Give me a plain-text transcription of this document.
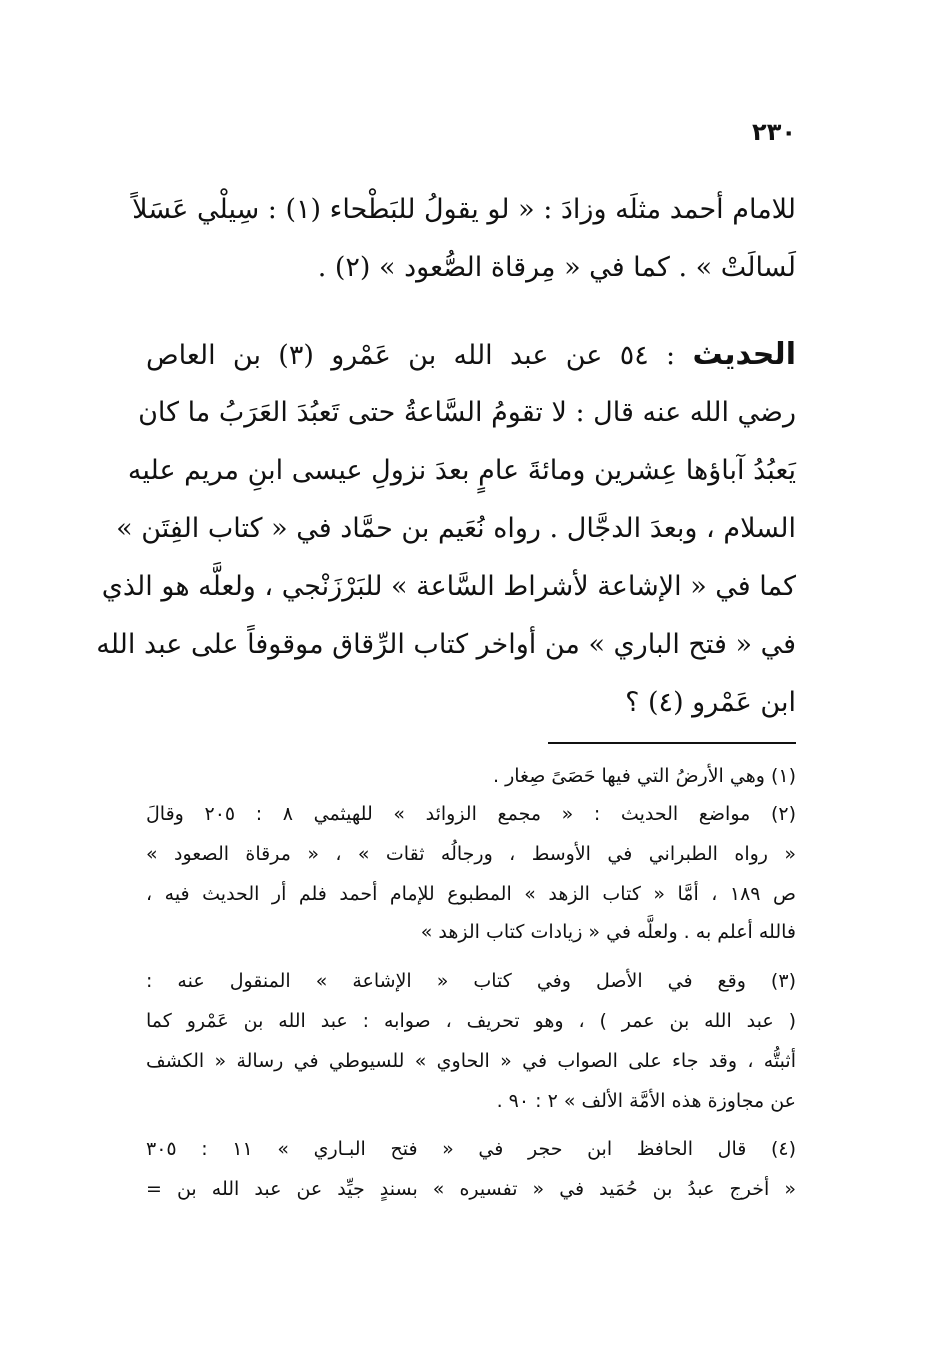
٢٣٠
للامام أحمد مثلَه وزادَ : « لو يقولُ للبَطْحاء (١) : سِيلْي عَسَلاً
لَسالَتْ » . كما في « مِرقاة الصُّعود » (٢) .
الحديث : ٥٤ عن عبد الله بن عَمْرو (٣) بن العاص
رضي الله عنه قال : لا تقومُ السَّاعةُ حتى تَعبُدَ العَرَبُ ما كان
يَعبُدُ آباؤها عِشرين ومائةَ عامٍ بعدَ نزولِ عيسى ابنِ مريم عليه
السلام ، وبعدَ الدجَّال . رواه نُعَيم بن حمَّاد في « كتاب الفِتَن »
كما في « الإشاعة لأشراط السَّاعة » للبَرْزَنْجي ، ولعلَّه هو الذي
في « فتح الباري » من أواخر كتاب الرِّقاق موقوفاً على عبد الله
ابن عَمْرو (٤) ؟
(١) وهي الأرضُ التي فيها حَصَىً صِغار .
(٢) مواضع الحديث : « مجمع الزوائد » للهيثمي ٨ : ٢٠٥ وقالَ
« رواه الطبراني في الأوسط ، ورجالُه ثقات » ، « مرقاة الصعود »
ص ١٨٩ ، أمَّا « كتاب الزهد » المطبوع للإمام أحمد فلم أر الحديث فيه ،
فالله أعلم به . ولعلَّه في « زيادات كتاب الزهد »
(٣) وقع في الأصل وفي كتاب « الإشاعة » المنقول عنه :
( عبد الله بن عمر ) ، وهو تحريف ، صوابه : عبد الله بن عَمْرو كما
أثبتُّه ، وقد جاء على الصواب في « الحاوي » للسيوطي في رسالة « الكشف
عن مجاوزة هذه الأمَّة الألف » ٢ : ٩٠ .
(٤) قال الحافظ ابن حجر في « فتح البـاري » ١١ : ٣٠٥
« أخرج عبدُ بن حُمَيد في « تفسيره » بسندٍ جيِّد عن عبد الله بن =
